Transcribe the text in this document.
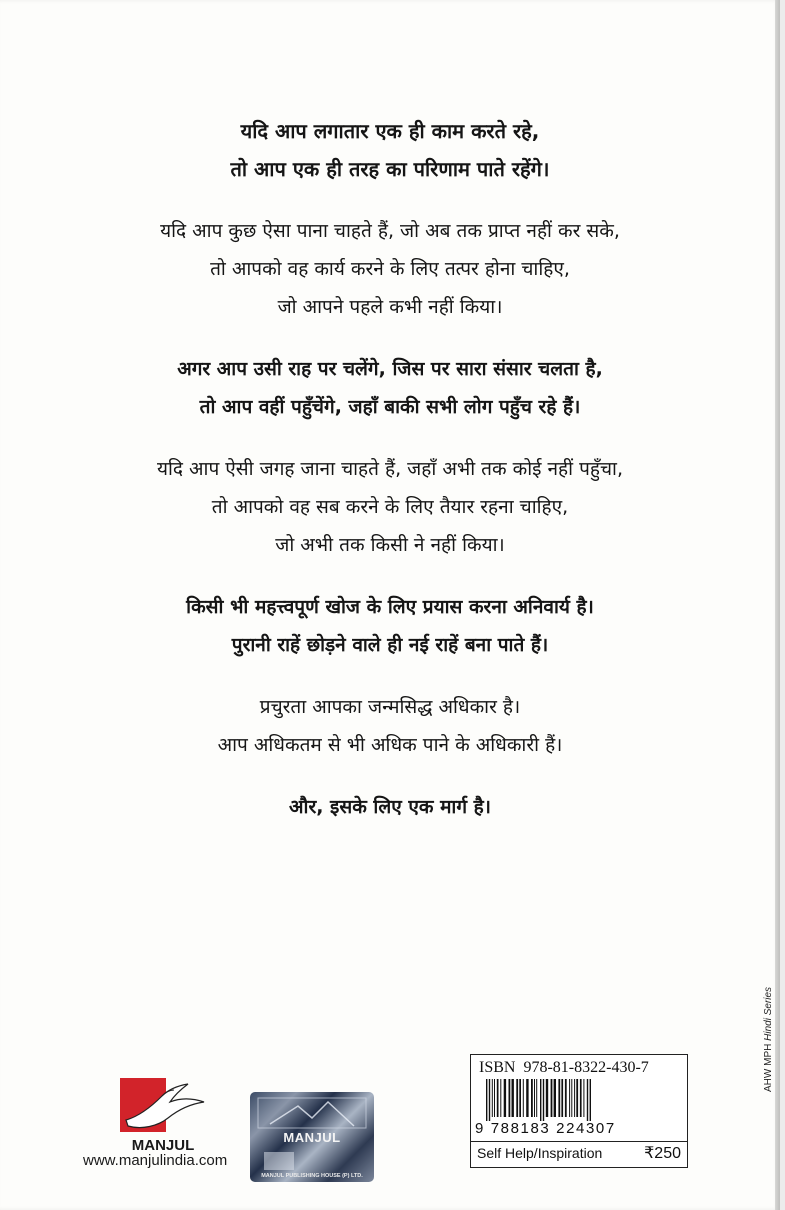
यदि आप लगातार एक ही काम करते रहे,
तो आप एक ही तरह का परिणाम पाते रहेंगे।

यदि आप कुछ ऐसा पाना चाहते हैं, जो अब तक प्राप्त नहीं कर सके,
तो आपको वह कार्य करने के लिए तत्पर होना चाहिए,
जो आपने पहले कभी नहीं किया।

अगर आप उसी राह पर चलेंगे, जिस पर सारा संसार चलता है,
तो आप वहीं पहुँचेंगे, जहाँ बाकी सभी लोग पहुँच रहे हैं।

यदि आप ऐसी जगह जाना चाहते हैं, जहाँ अभी तक कोई नहीं पहुँचा,
तो आपको वह सब करने के लिए तैयार रहना चाहिए,
जो अभी तक किसी ने नहीं किया।

किसी भी महत्त्वपूर्ण खोज के लिए प्रयास करना अनिवार्य है।
पुरानी राहें छोड़ने वाले ही नई राहें बना पाते हैं।

प्रचुरता आपका जन्मसिद्ध अधिकार है।
आप अधिकतम से भी अधिक पाने के अधिकारी हैं।

और, इसके लिए एक मार्ग है।

MANJUL
www.manjulindia.com
MANJUL
MANJUL PUBLISHING HOUSE (P) LTD.
ISBN 978-81-8322-430-7
9 788183 224307
Self Help/Inspiration	₹250
AHW MPH Hindi Series
